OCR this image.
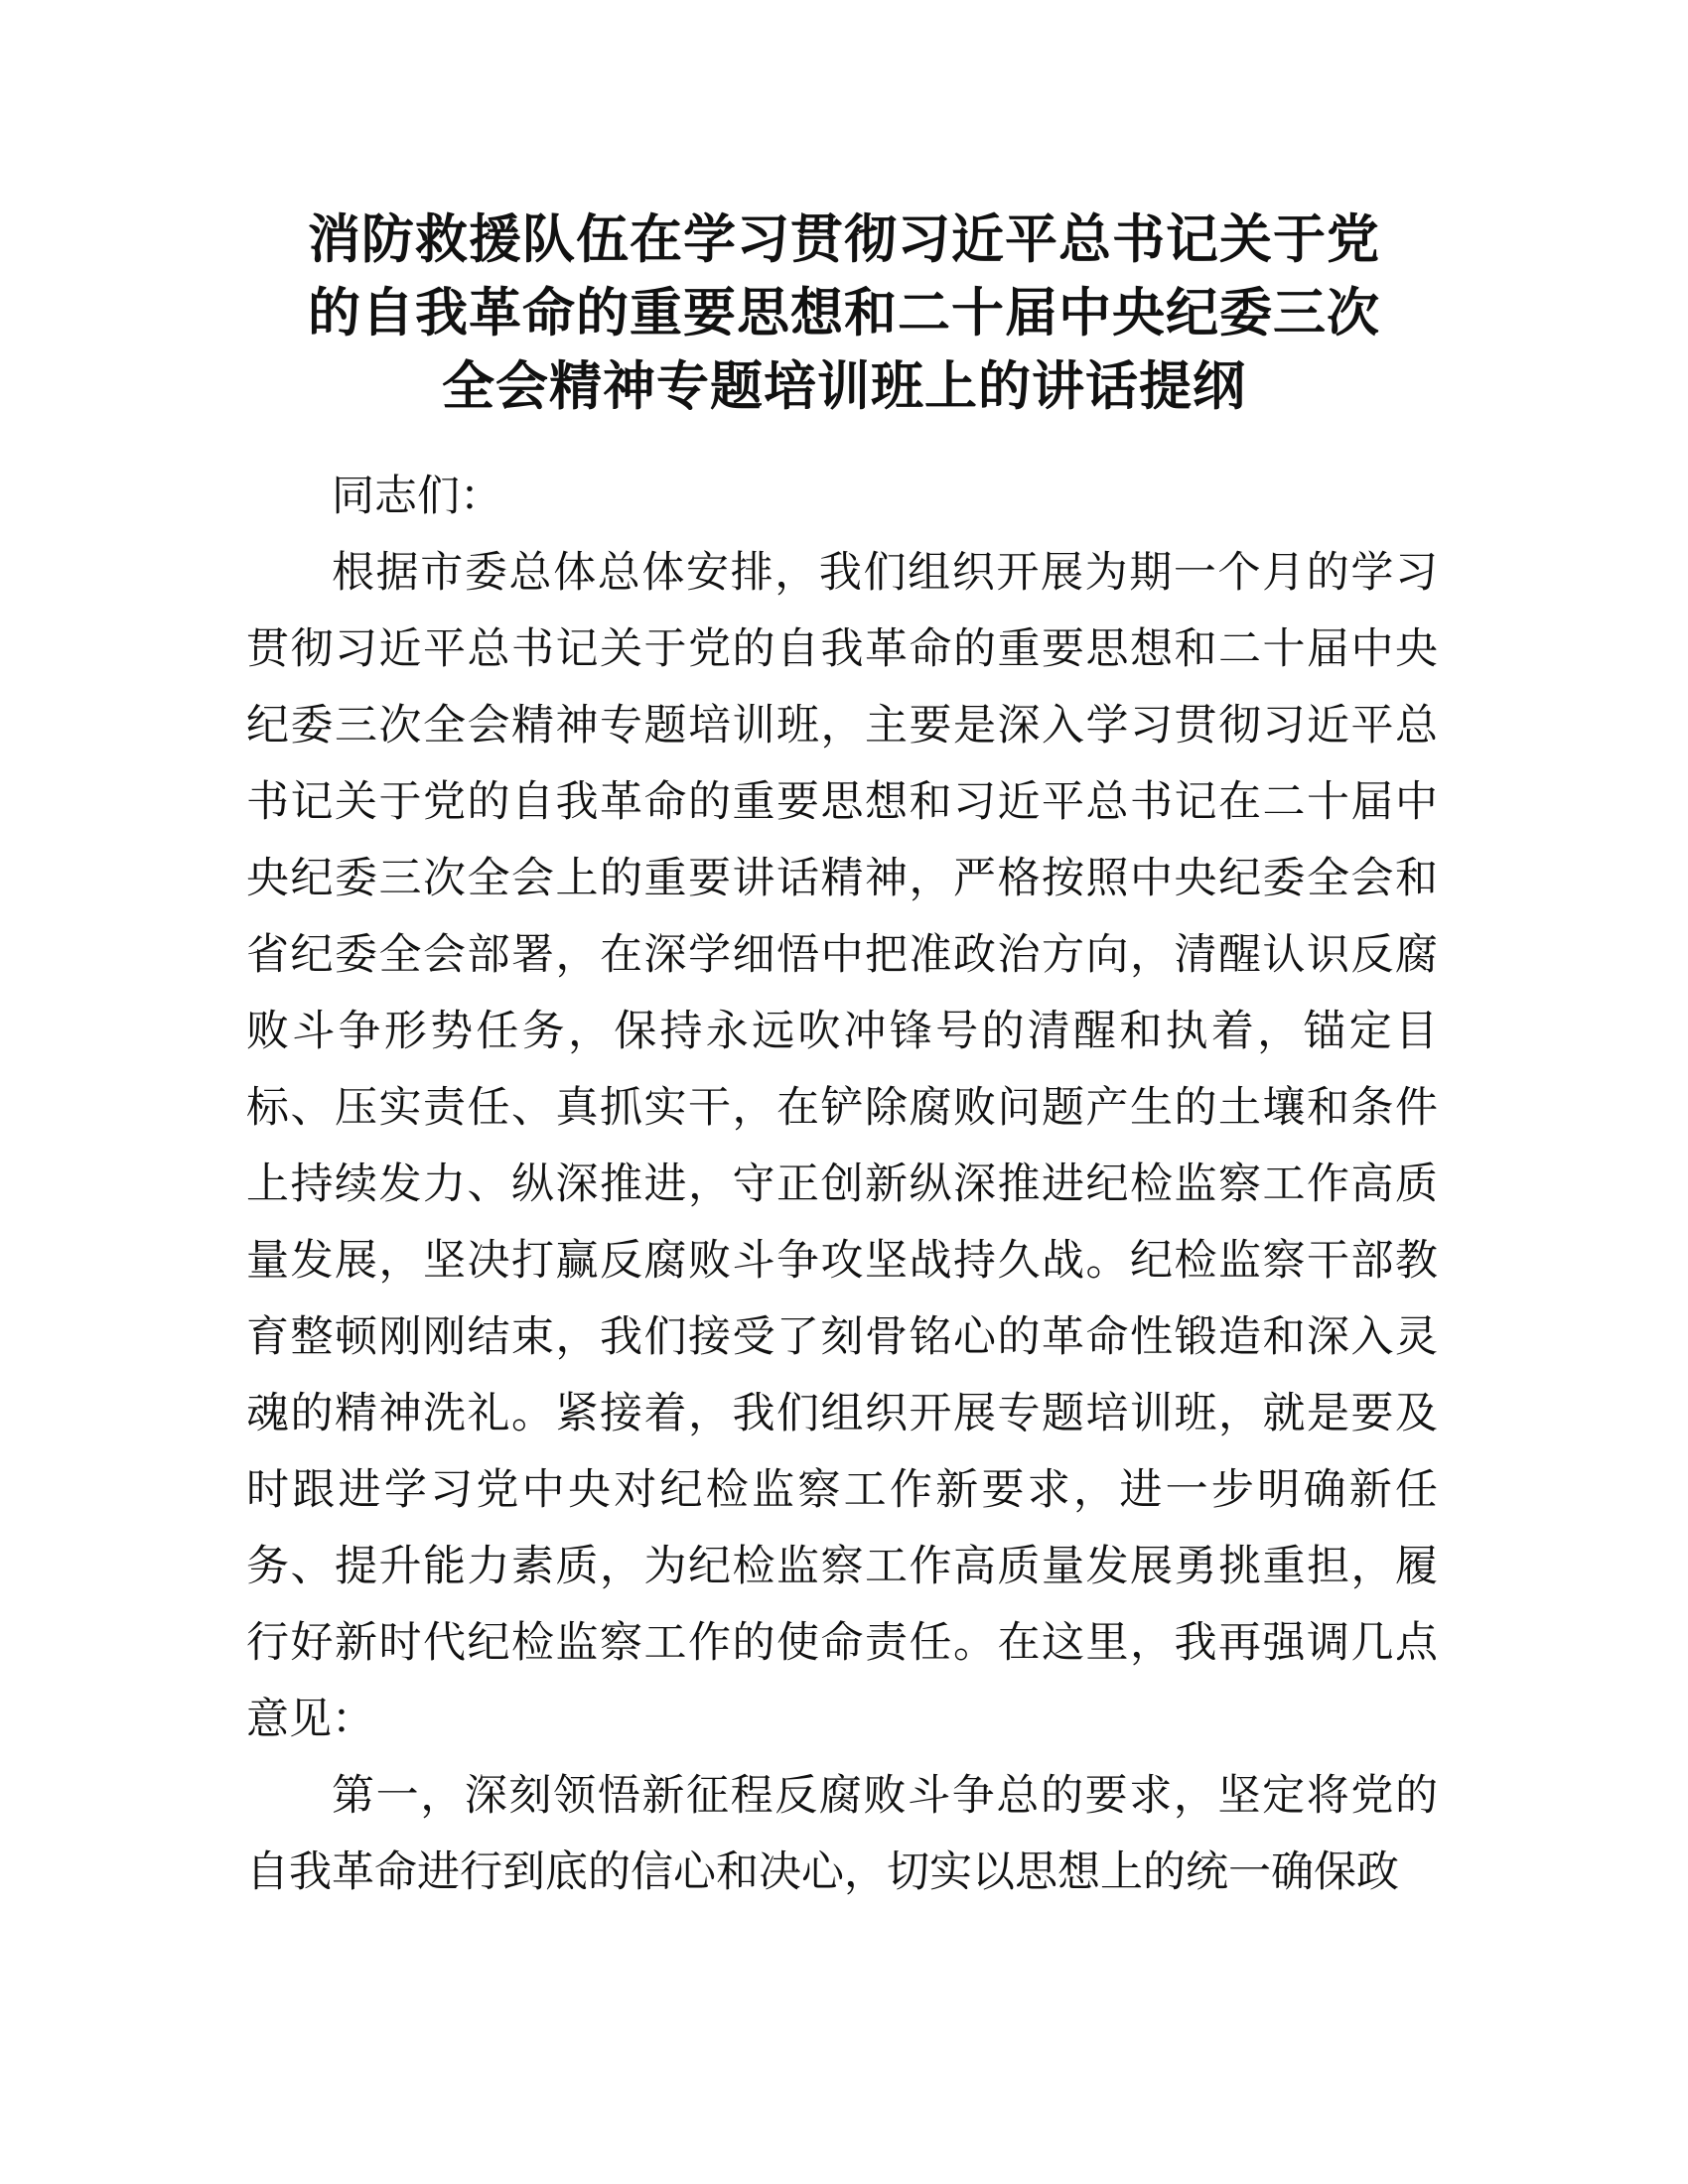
消防救援队伍在学习贯彻习近平总书记关于党
的自我革命的重要思想和二十届中央纪委三次
全会精神专题培训班上的讲话提纲

同志们：

根据市委总体总体安排，我们组织开展为期一个月的学习贯彻习近平总书记关于党的自我革命的重要思想和二十届中央纪委三次全会精神专题培训班，主要是深入学习贯彻习近平总书记关于党的自我革命的重要思想和习近平总书记在二十届中央纪委三次全会上的重要讲话精神，严格按照中央纪委全会和省纪委全会部署，在深学细悟中把准政治方向，清醒认识反腐败斗争形势任务，保持永远吹冲锋号的清醒和执着，锚定目标、压实责任、真抓实干，在铲除腐败问题产生的土壤和条件上持续发力、纵深推进，守正创新纵深推进纪检监察工作高质量发展，坚决打赢反腐败斗争攻坚战持久战。纪检监察干部教育整顿刚刚结束，我们接受了刻骨铭心的革命性锻造和深入灵魂的精神洗礼。紧接着，我们组织开展专题培训班，就是要及时跟进学习党中央对纪检监察工作新要求，进一步明确新任务、提升能力素质，为纪检监察工作高质量发展勇挑重担，履行好新时代纪检监察工作的使命责任。在这里，我再强调几点意见：

第一，深刻领悟新征程反腐败斗争总的要求，坚定将党的自我革命进行到底的信心和决心，切实以思想上的统一确保政
